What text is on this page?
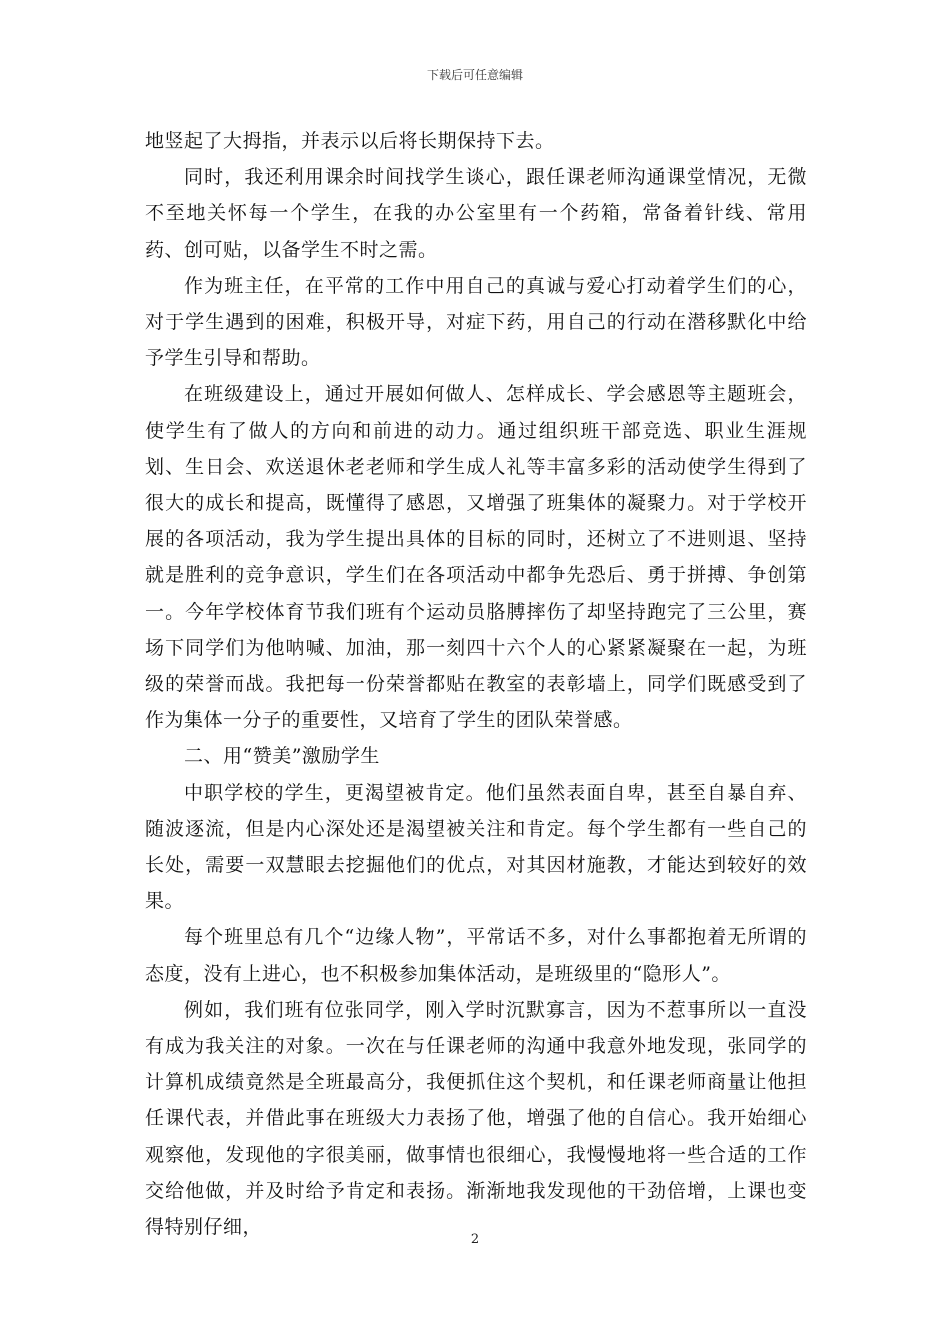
下载后可任意编辑

地竖起了大拇指，并表示以后将长期保持下去。

同时，我还利用课余时间找学生谈心，跟任课老师沟通课堂情况，无微不至地关怀每一个学生，在我的办公室里有一个药箱，常备着针线、常用药、创可贴，以备学生不时之需。

作为班主任，在平常的工作中用自己的真诚与爱心打动着学生们的心，对于学生遇到的困难，积极开导，对症下药，用自己的行动在潜移默化中给予学生引导和帮助。

在班级建设上，通过开展如何做人、怎样成长、学会感恩等主题班会，使学生有了做人的方向和前进的动力。通过组织班干部竞选、职业生涯规划、生日会、欢送退休老老师和学生成人礼等丰富多彩的活动使学生得到了很大的成长和提高，既懂得了感恩，又增强了班集体的凝聚力。对于学校开展的各项活动，我为学生提出具体的目标的同时，还树立了不进则退、坚持就是胜利的竞争意识，学生们在各项活动中都争先恐后、勇于拼搏、争创第一。今年学校体育节我们班有个运动员胳膊摔伤了却坚持跑完了三公里，赛场下同学们为他呐喊、加油，那一刻四十六个人的心紧紧凝聚在一起，为班级的荣誉而战。我把每一份荣誉都贴在教室的表彰墙上，同学们既感受到了作为集体一分子的重要性，又培育了学生的团队荣誉感。

二、用“赞美”激励学生

中职学校的学生，更渴望被肯定。他们虽然表面自卑，甚至自暴自弃、随波逐流，但是内心深处还是渴望被关注和肯定。每个学生都有一些自己的长处，需要一双慧眼去挖掘他们的优点，对其因材施教，才能达到较好的效果。

每个班里总有几个“边缘人物”，平常话不多，对什么事都抱着无所谓的态度，没有上进心，也不积极参加集体活动，是班级里的“隐形人”。

例如，我们班有位张同学，刚入学时沉默寡言，因为不惹事所以一直没有成为我关注的对象。一次在与任课老师的沟通中我意外地发现，张同学的计算机成绩竟然是全班最高分，我便抓住这个契机，和任课老师商量让他担任课代表，并借此事在班级大力表扬了他，增强了他的自信心。我开始细心观察他，发现他的字很美丽，做事情也很细心，我慢慢地将一些合适的工作交给他做，并及时给予肯定和表扬。渐渐地我发现他的干劲倍增，上课也变得特别仔细，

2
